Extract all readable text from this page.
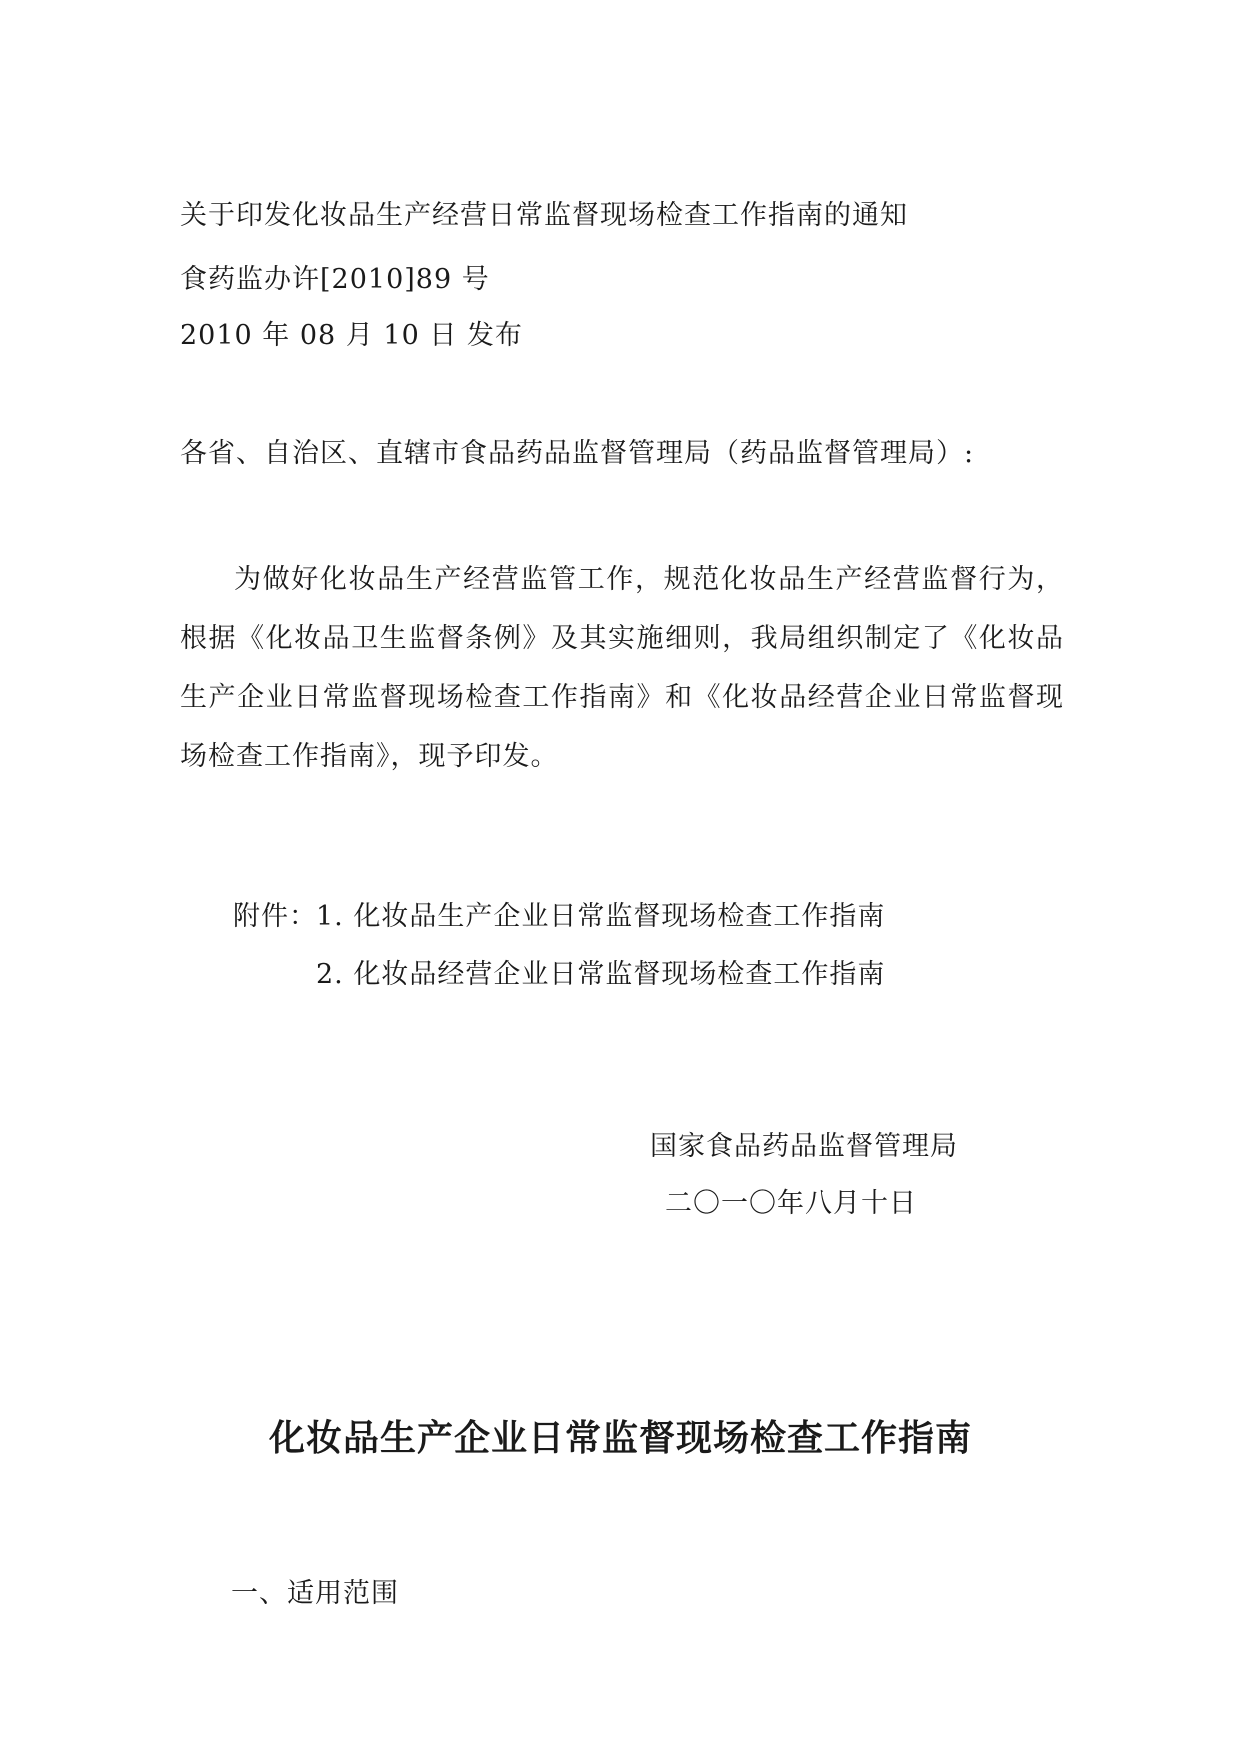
关于印发化妆品生产经营日常监督现场检查工作指南的通知
食药监办许[2010]89 号
2010 年 08 月 10 日 发布
各省、自治区、直辖市食品药品监督管理局（药品监督管理局）:
为做好化妆品生产经营监管工作，规范化妆品生产经营监督行为，根据《化妆品卫生监督条例》及其实施细则，我局组织制定了《化妆品生产企业日常监督现场检查工作指南》和《化妆品经营企业日常监督现场检查工作指南》，现予印发。
附件： 1. 化妆品生产企业日常监督现场检查工作指南
2. 化妆品经营企业日常监督现场检查工作指南
国家食品药品监督管理局
二〇一〇年八月十日
化妆品生产企业日常监督现场检查工作指南
一、适用范围
